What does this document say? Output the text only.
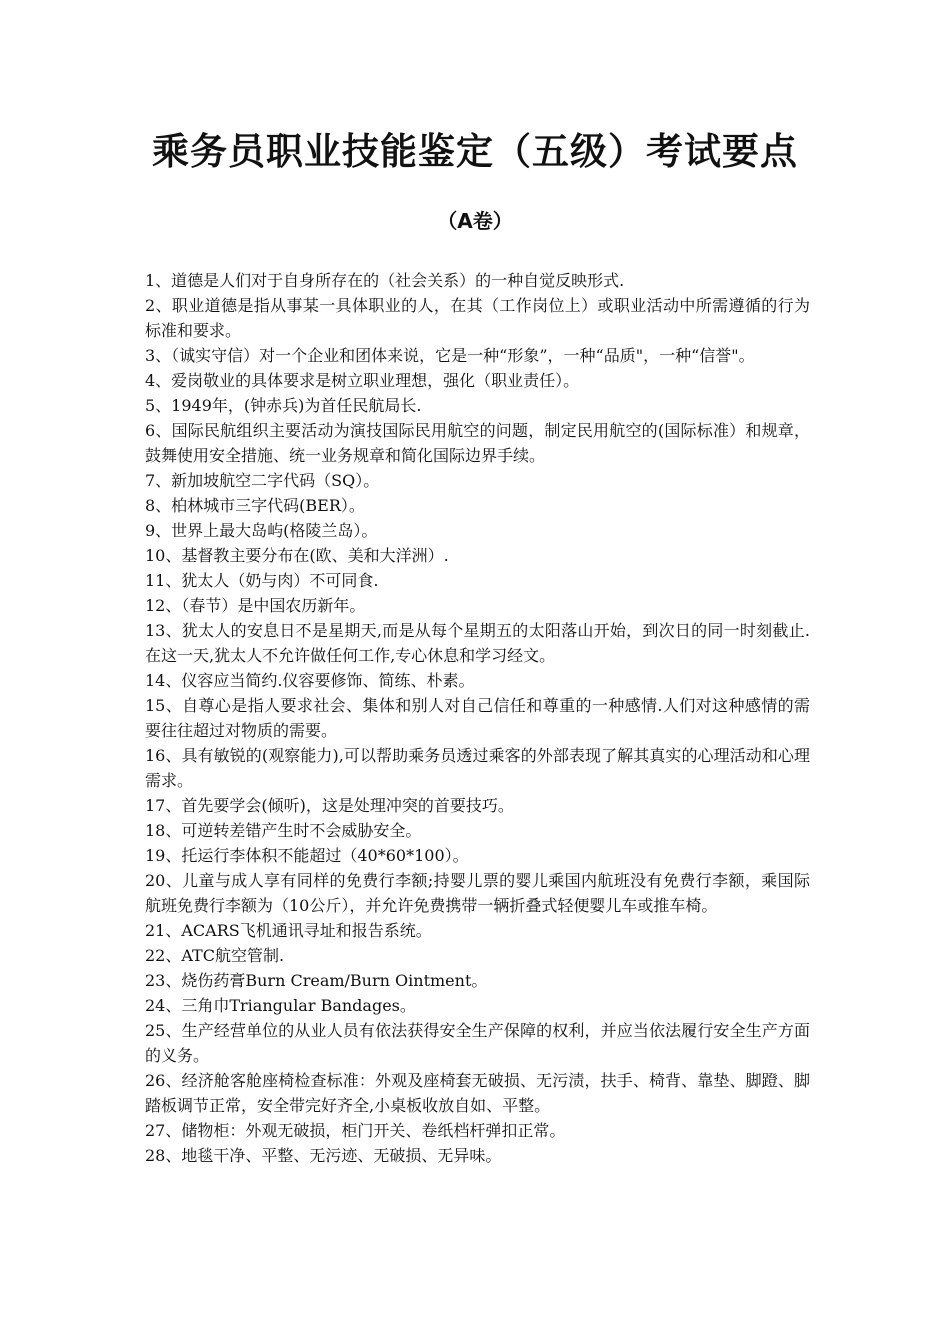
乘务员职业技能鉴定（五级）考试要点
（A卷）
1、道德是人们对于自身所存在的（社会关系）的一种自觉反映形式.
2、职业道德是指从事某一具体职业的人，在其（工作岗位上）或职业活动中所需遵循的行为标准和要求。
3、（诚实守信）对一个企业和团体来说，它是一种“形象”，一种“品质"，一种“信誉"。
4、爱岗敬业的具体要求是树立职业理想，强化（职业责任）。
5、1949年，(钟赤兵)为首任民航局长.
6、国际民航组织主要活动为演技国际民用航空的问题，制定民用航空的(国际标准）和规章，鼓舞使用安全措施、统一业务规章和简化国际边界手续。
7、新加坡航空二字代码（SQ）。
8、柏林城市三字代码(BER）。
9、世界上最大岛屿(格陵兰岛）。
10、基督教主要分布在(欧、美和大洋洲）.
11、犹太人（奶与肉）不可同食.
12、（春节）是中国农历新年。
13、犹太人的安息日不是星期天,而是从每个星期五的太阳落山开始，到次日的同一时刻截止.在这一天,犹太人不允许做任何工作,专心休息和学习经文。
14、仪容应当简约.仪容要修饰、简练、朴素。
15、自尊心是指人要求社会、集体和别人对自己信任和尊重的一种感情.人们对这种感情的需要往往超过对物质的需要。
16、具有敏锐的(观察能力),可以帮助乘务员透过乘客的外部表现了解其真实的心理活动和心理需求。
17、首先要学会(倾听)，这是处理冲突的首要技巧。
18、可逆转差错产生时不会威胁安全。
19、托运行李体积不能超过（40*60*100）。
20、儿童与成人享有同样的免费行李额;持婴儿票的婴儿乘国内航班没有免费行李额，乘国际航班免费行李额为（10公斤），并允许免费携带一辆折叠式轻便婴儿车或推车椅。
21、ACARS飞机通讯寻址和报告系统。
22、ATC航空管制.
23、烧伤药膏Burn Cream/Burn Ointment。
24、三角巾Triangular Bandages。
25、生产经营单位的从业人员有依法获得安全生产保障的权利，并应当依法履行安全生产方面的义务。
26、经济舱客舱座椅检查标准：外观及座椅套无破损、无污渍，扶手、椅背、靠垫、脚蹬、脚踏板调节正常，安全带完好齐全,小桌板收放自如、平整。
27、储物柜：外观无破损，柜门开关、卷纸档杆弹扣正常。
28、地毯干净、平整、无污迹、无破损、无异味。
